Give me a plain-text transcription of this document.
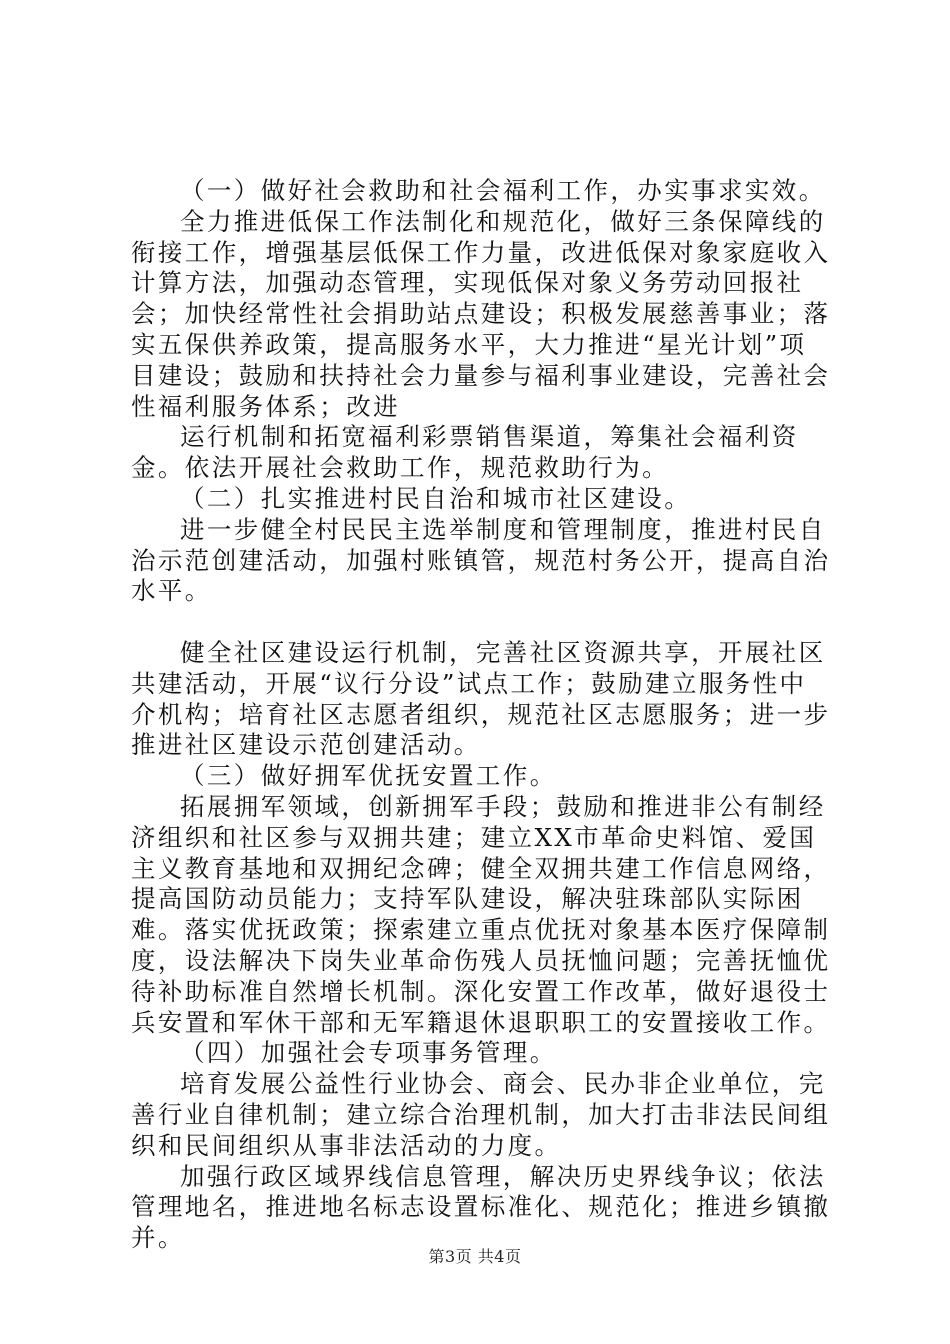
（一）做好社会救助和社会福利工作，办实事求实效。

全力推进低保工作法制化和规范化，做好三条保障线的衔接工作，增强基层低保工作力量，改进低保对象家庭收入计算方法，加强动态管理，实现低保对象义务劳动回报社会；加快经常性社会捐助站点建设；积极发展慈善事业；落实五保供养政策，提高服务水平，大力推进“星光计划”项目建设；鼓励和扶持社会力量参与福利事业建设，完善社会性福利服务体系；改进

运行机制和拓宽福利彩票销售渠道，筹集社会福利资金。依法开展社会救助工作，规范救助行为。

（二）扎实推进村民自治和城市社区建设。

进一步健全村民民主选举制度和管理制度，推进村民自治示范创建活动，加强村账镇管，规范村务公开，提高自治水平。

健全社区建设运行机制，完善社区资源共享，开展社区共建活动，开展“议行分设”试点工作；鼓励建立服务性中介机构；培育社区志愿者组织，规范社区志愿服务；进一步推进社区建设示范创建活动。

（三）做好拥军优抚安置工作。

拓展拥军领域，创新拥军手段；鼓励和推进非公有制经济组织和社区参与双拥共建；建立XX市革命史料馆、爱国主义教育基地和双拥纪念碑；健全双拥共建工作信息网络，提高国防动员能力；支持军队建设，解决驻珠部队实际困难。落实优抚政策；探索建立重点优抚对象基本医疗保障制度，设法解决下岗失业革命伤残人员抚恤问题；完善抚恤优待补助标准自然增长机制。深化安置工作改革，做好退役士兵安置和军休干部和无军籍退休退职职工的安置接收工作。

（四）加强社会专项事务管理。

培育发展公益性行业协会、商会、民办非企业单位，完善行业自律机制；建立综合治理机制，加大打击非法民间组织和民间组织从事非法活动的力度。

加强行政区域界线信息管理，解决历史界线争议；依法管理地名，推进地名标志设置标准化、规范化；推进乡镇撤并。

第3页 共4页
